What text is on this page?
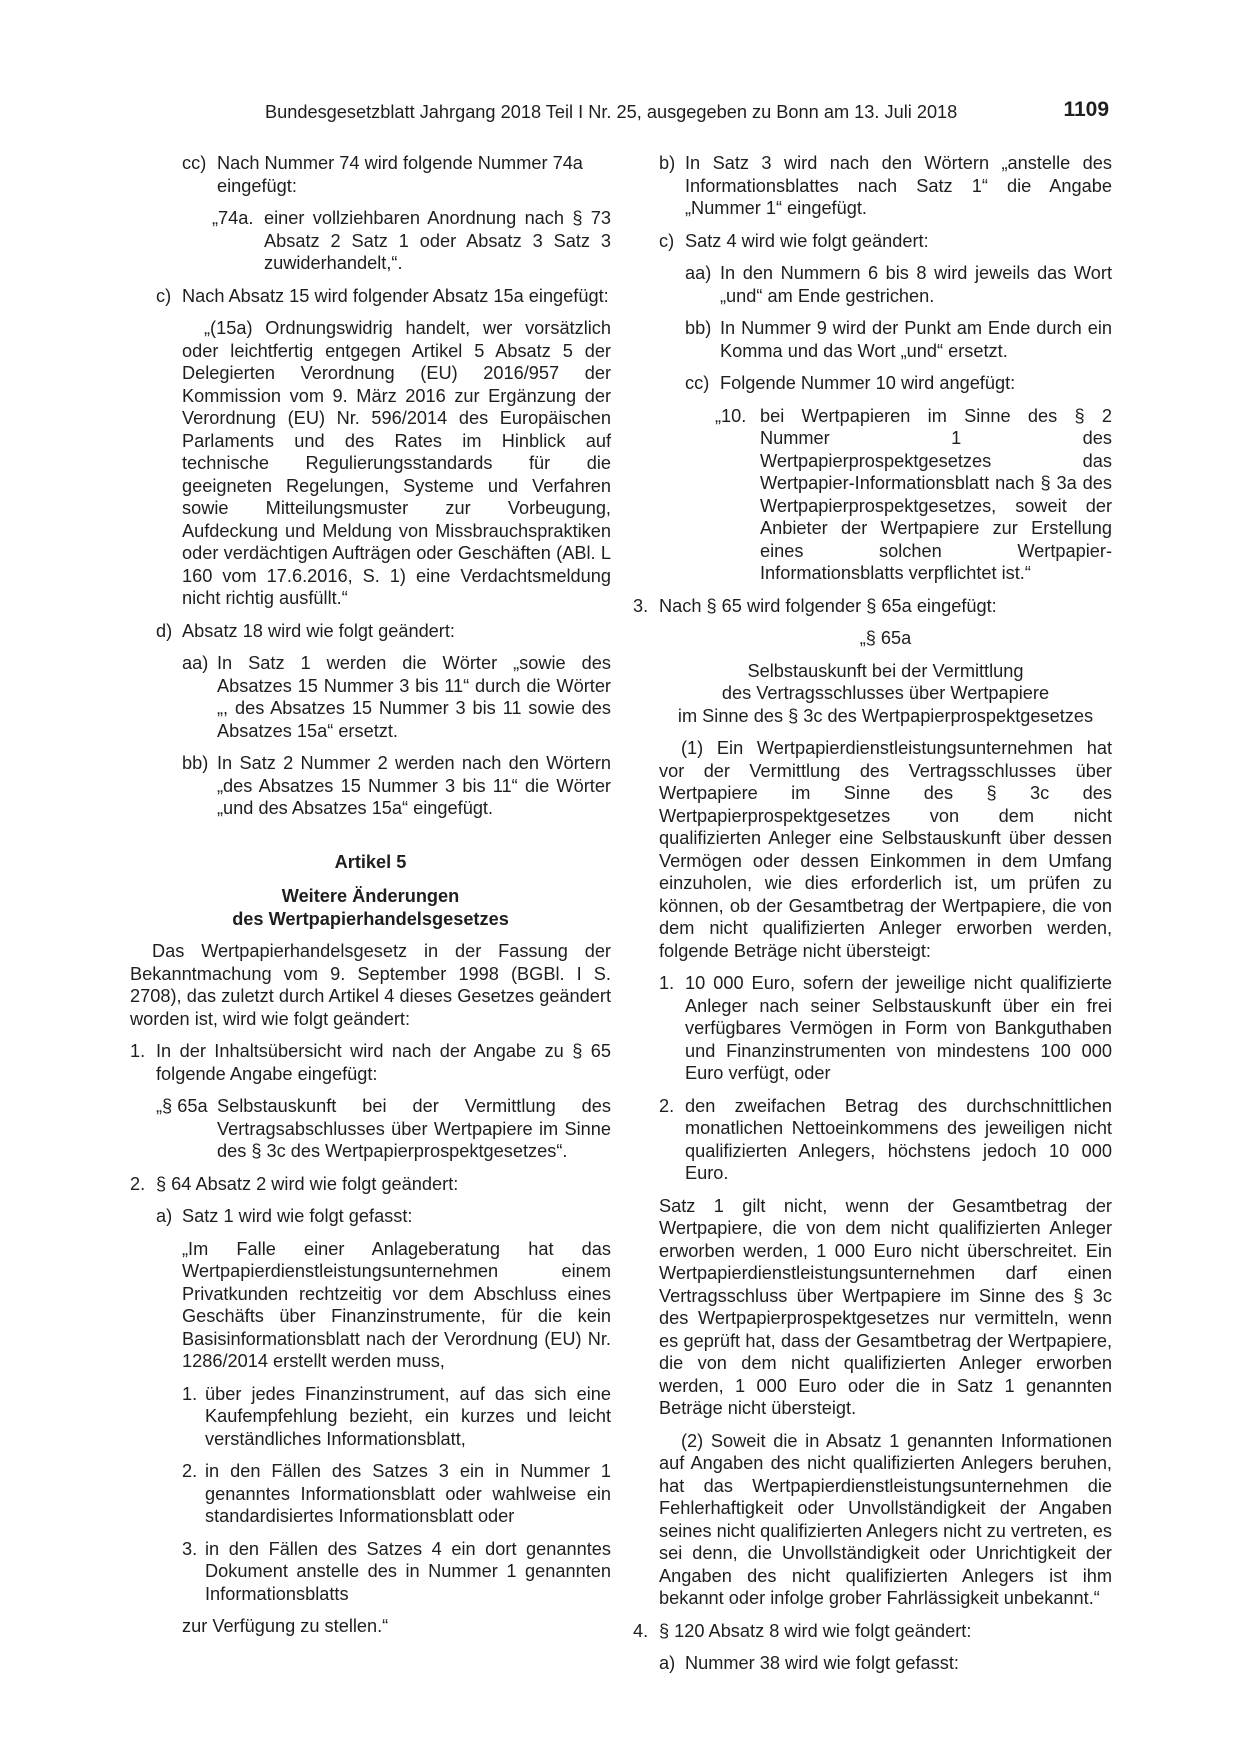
Bundesgesetzblatt Jahrgang 2018 Teil I Nr. 25, ausgegeben zu Bonn am 13. Juli 2018	1109
cc) Nach Nummer 74 wird folgende Nummer 74a eingefügt:
„74a. einer vollziehbaren Anordnung nach § 73 Absatz 2 Satz 1 oder Absatz 3 Satz 3 zuwiderhandelt,“.
c) Nach Absatz 15 wird folgender Absatz 15a eingefügt:
„(15a) Ordnungswidrig handelt, wer vorsätzlich oder leichtfertig entgegen Artikel 5 Absatz 5 der Delegierten Verordnung (EU) 2016/957 der Kommission vom 9. März 2016 zur Ergänzung der Verordnung (EU) Nr. 596/2014 des Europäischen Parlaments und des Rates im Hinblick auf technische Regulierungsstandards für die geeigneten Regelungen, Systeme und Verfahren sowie Mitteilungsmuster zur Vorbeugung, Aufdeckung und Meldung von Missbrauchspraktiken oder verdächtigen Aufträgen oder Geschäften (ABl. L 160 vom 17.6.2016, S. 1) eine Verdachtsmeldung nicht richtig ausfüllt.“
d) Absatz 18 wird wie folgt geändert:
aa) In Satz 1 werden die Wörter „sowie des Absatzes 15 Nummer 3 bis 11“ durch die Wörter „, des Absatzes 15 Nummer 3 bis 11 sowie des Absatzes 15a“ ersetzt.
bb) In Satz 2 Nummer 2 werden nach den Wörtern „des Absatzes 15 Nummer 3 bis 11“ die Wörter „und des Absatzes 15a“ eingefügt.
Artikel 5
Weitere Änderungen
des Wertpapierhandelsgesetzes
Das Wertpapierhandelsgesetz in der Fassung der Bekanntmachung vom 9. September 1998 (BGBl. I S. 2708), das zuletzt durch Artikel 4 dieses Gesetzes geändert worden ist, wird wie folgt geändert:
1. In der Inhaltsübersicht wird nach der Angabe zu § 65 folgende Angabe eingefügt:
„§ 65a Selbstauskunft bei der Vermittlung des Vertragsabschlusses über Wertpapiere im Sinne des § 3c des Wertpapierprospektgesetzes“.
2. § 64 Absatz 2 wird wie folgt geändert:
a) Satz 1 wird wie folgt gefasst:
„Im Falle einer Anlageberatung hat das Wertpapierdienstleistungsunternehmen einem Privatkunden rechtzeitig vor dem Abschluss eines Geschäfts über Finanzinstrumente, für die kein Basisinformationsblatt nach der Verordnung (EU) Nr. 1286/2014 erstellt werden muss,
1. über jedes Finanzinstrument, auf das sich eine Kaufempfehlung bezieht, ein kurzes und leicht verständliches Informationsblatt,
2. in den Fällen des Satzes 3 ein in Nummer 1 genanntes Informationsblatt oder wahlweise ein standardisiertes Informationsblatt oder
3. in den Fällen des Satzes 4 ein dort genanntes Dokument anstelle des in Nummer 1 genannten Informationsblatts
zur Verfügung zu stellen.“
b) In Satz 3 wird nach den Wörtern „anstelle des Informationsblattes nach Satz 1“ die Angabe „Nummer 1“ eingefügt.
c) Satz 4 wird wie folgt geändert:
aa) In den Nummern 6 bis 8 wird jeweils das Wort „und“ am Ende gestrichen.
bb) In Nummer 9 wird der Punkt am Ende durch ein Komma und das Wort „und“ ersetzt.
cc) Folgende Nummer 10 wird angefügt:
„10. bei Wertpapieren im Sinne des § 2 Nummer 1 des Wertpapierprospektgesetzes das Wertpapier-Informationsblatt nach § 3a des Wertpapierprospektgesetzes, soweit der Anbieter der Wertpapiere zur Erstellung eines solchen Wertpapier-Informationsblatts verpflichtet ist.“
3. Nach § 65 wird folgender § 65a eingefügt:
„§ 65a
Selbstauskunft bei der Vermittlung
des Vertragsschlusses über Wertpapiere
im Sinne des § 3c des Wertpapierprospektgesetzes
(1) Ein Wertpapierdienstleistungsunternehmen hat vor der Vermittlung des Vertragsschlusses über Wertpapiere im Sinne des § 3c des Wertpapierprospektgesetzes von dem nicht qualifizierten Anleger eine Selbstauskunft über dessen Vermögen oder dessen Einkommen in dem Umfang einzuholen, wie dies erforderlich ist, um prüfen zu können, ob der Gesamtbetrag der Wertpapiere, die von dem nicht qualifizierten Anleger erworben werden, folgende Beträge nicht übersteigt:
1. 10 000 Euro, sofern der jeweilige nicht qualifizierte Anleger nach seiner Selbstauskunft über ein frei verfügbares Vermögen in Form von Bankguthaben und Finanzinstrumenten von mindestens 100 000 Euro verfügt, oder
2. den zweifachen Betrag des durchschnittlichen monatlichen Nettoeinkommens des jeweiligen nicht qualifizierten Anlegers, höchstens jedoch 10 000 Euro.
Satz 1 gilt nicht, wenn der Gesamtbetrag der Wertpapiere, die von dem nicht qualifizierten Anleger erworben werden, 1 000 Euro nicht überschreitet. Ein Wertpapierdienstleistungsunternehmen darf einen Vertragsschluss über Wertpapiere im Sinne des § 3c des Wertpapierprospektgesetzes nur vermitteln, wenn es geprüft hat, dass der Gesamtbetrag der Wertpapiere, die von dem nicht qualifizierten Anleger erworben werden, 1 000 Euro oder die in Satz 1 genannten Beträge nicht übersteigt.
(2) Soweit die in Absatz 1 genannten Informationen auf Angaben des nicht qualifizierten Anlegers beruhen, hat das Wertpapierdienstleistungsunternehmen die Fehlerhaftigkeit oder Unvollständigkeit der Angaben seines nicht qualifizierten Anlegers nicht zu vertreten, es sei denn, die Unvollständigkeit oder Unrichtigkeit der Angaben des nicht qualifizierten Anlegers ist ihm bekannt oder infolge grober Fahrlässigkeit unbekannt.“
4. § 120 Absatz 8 wird wie folgt geändert:
a) Nummer 38 wird wie folgt gefasst:
